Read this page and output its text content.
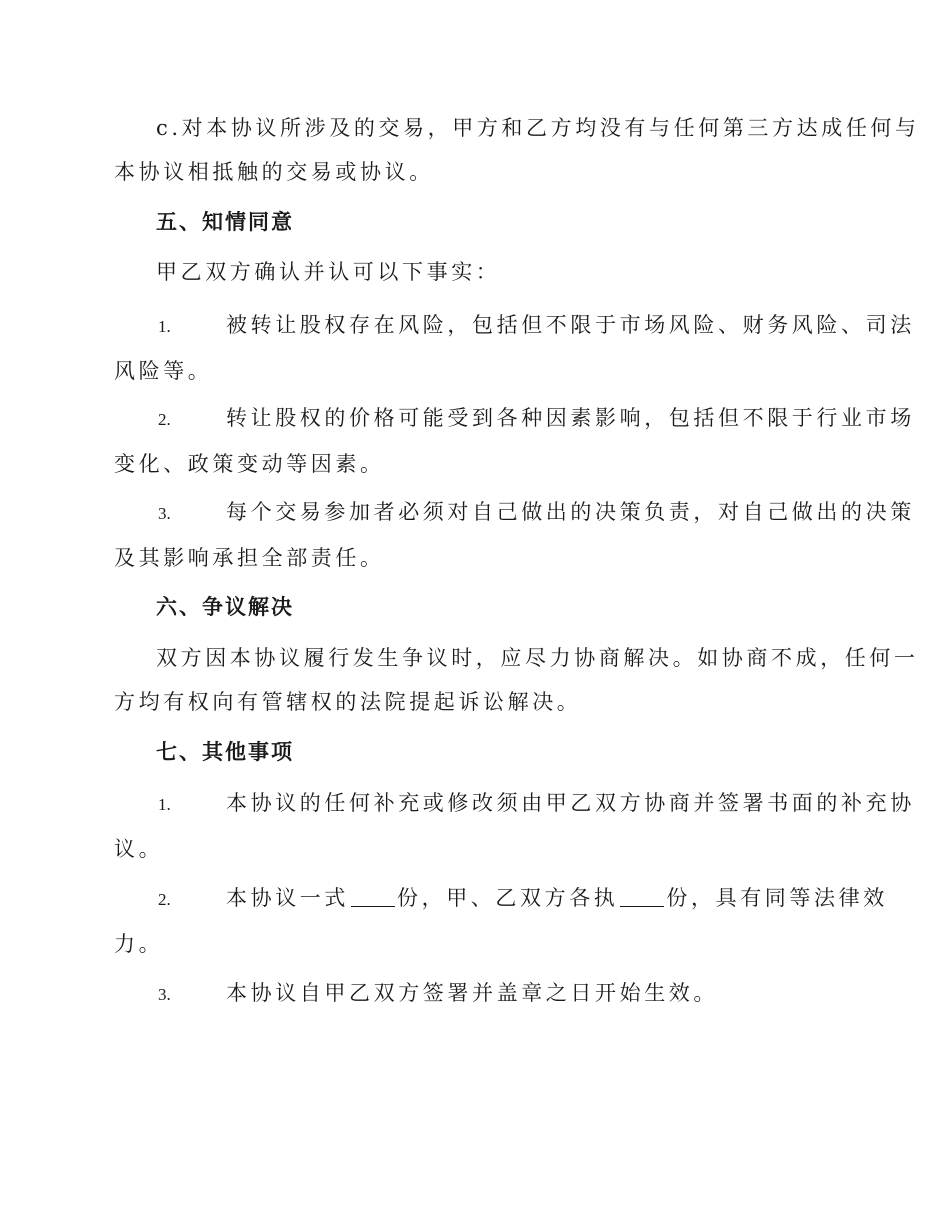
c.对本协议所涉及的交易，甲方和乙方均没有与任何第三方达成任何与

本协议相抵触的交易或协议。

五、知情同意

甲乙双方确认并认可以下事实：

1.	被转让股权存在风险，包括但不限于市场风险、财务风险、司法
风险等。
2.	转让股权的价格可能受到各种因素影响，包括但不限于行业市场
变化、政策变动等因素。
3.	每个交易参加者必须对自己做出的决策负责，对自己做出的决策
及其影响承担全部责任。

六、争议解决

双方因本协议履行发生争议时，应尽力协商解决。如协商不成，任何一

方均有权向有管辖权的法院提起诉讼解决。

七、其他事项

1.	本协议的任何补充或修改须由甲乙双方协商并签署书面的补充协
议。
2.	本协议一式 份，甲、乙双方各执 份，具有同等法律效
力。
3.	本协议自甲乙双方签署并盖章之日开始生效。
